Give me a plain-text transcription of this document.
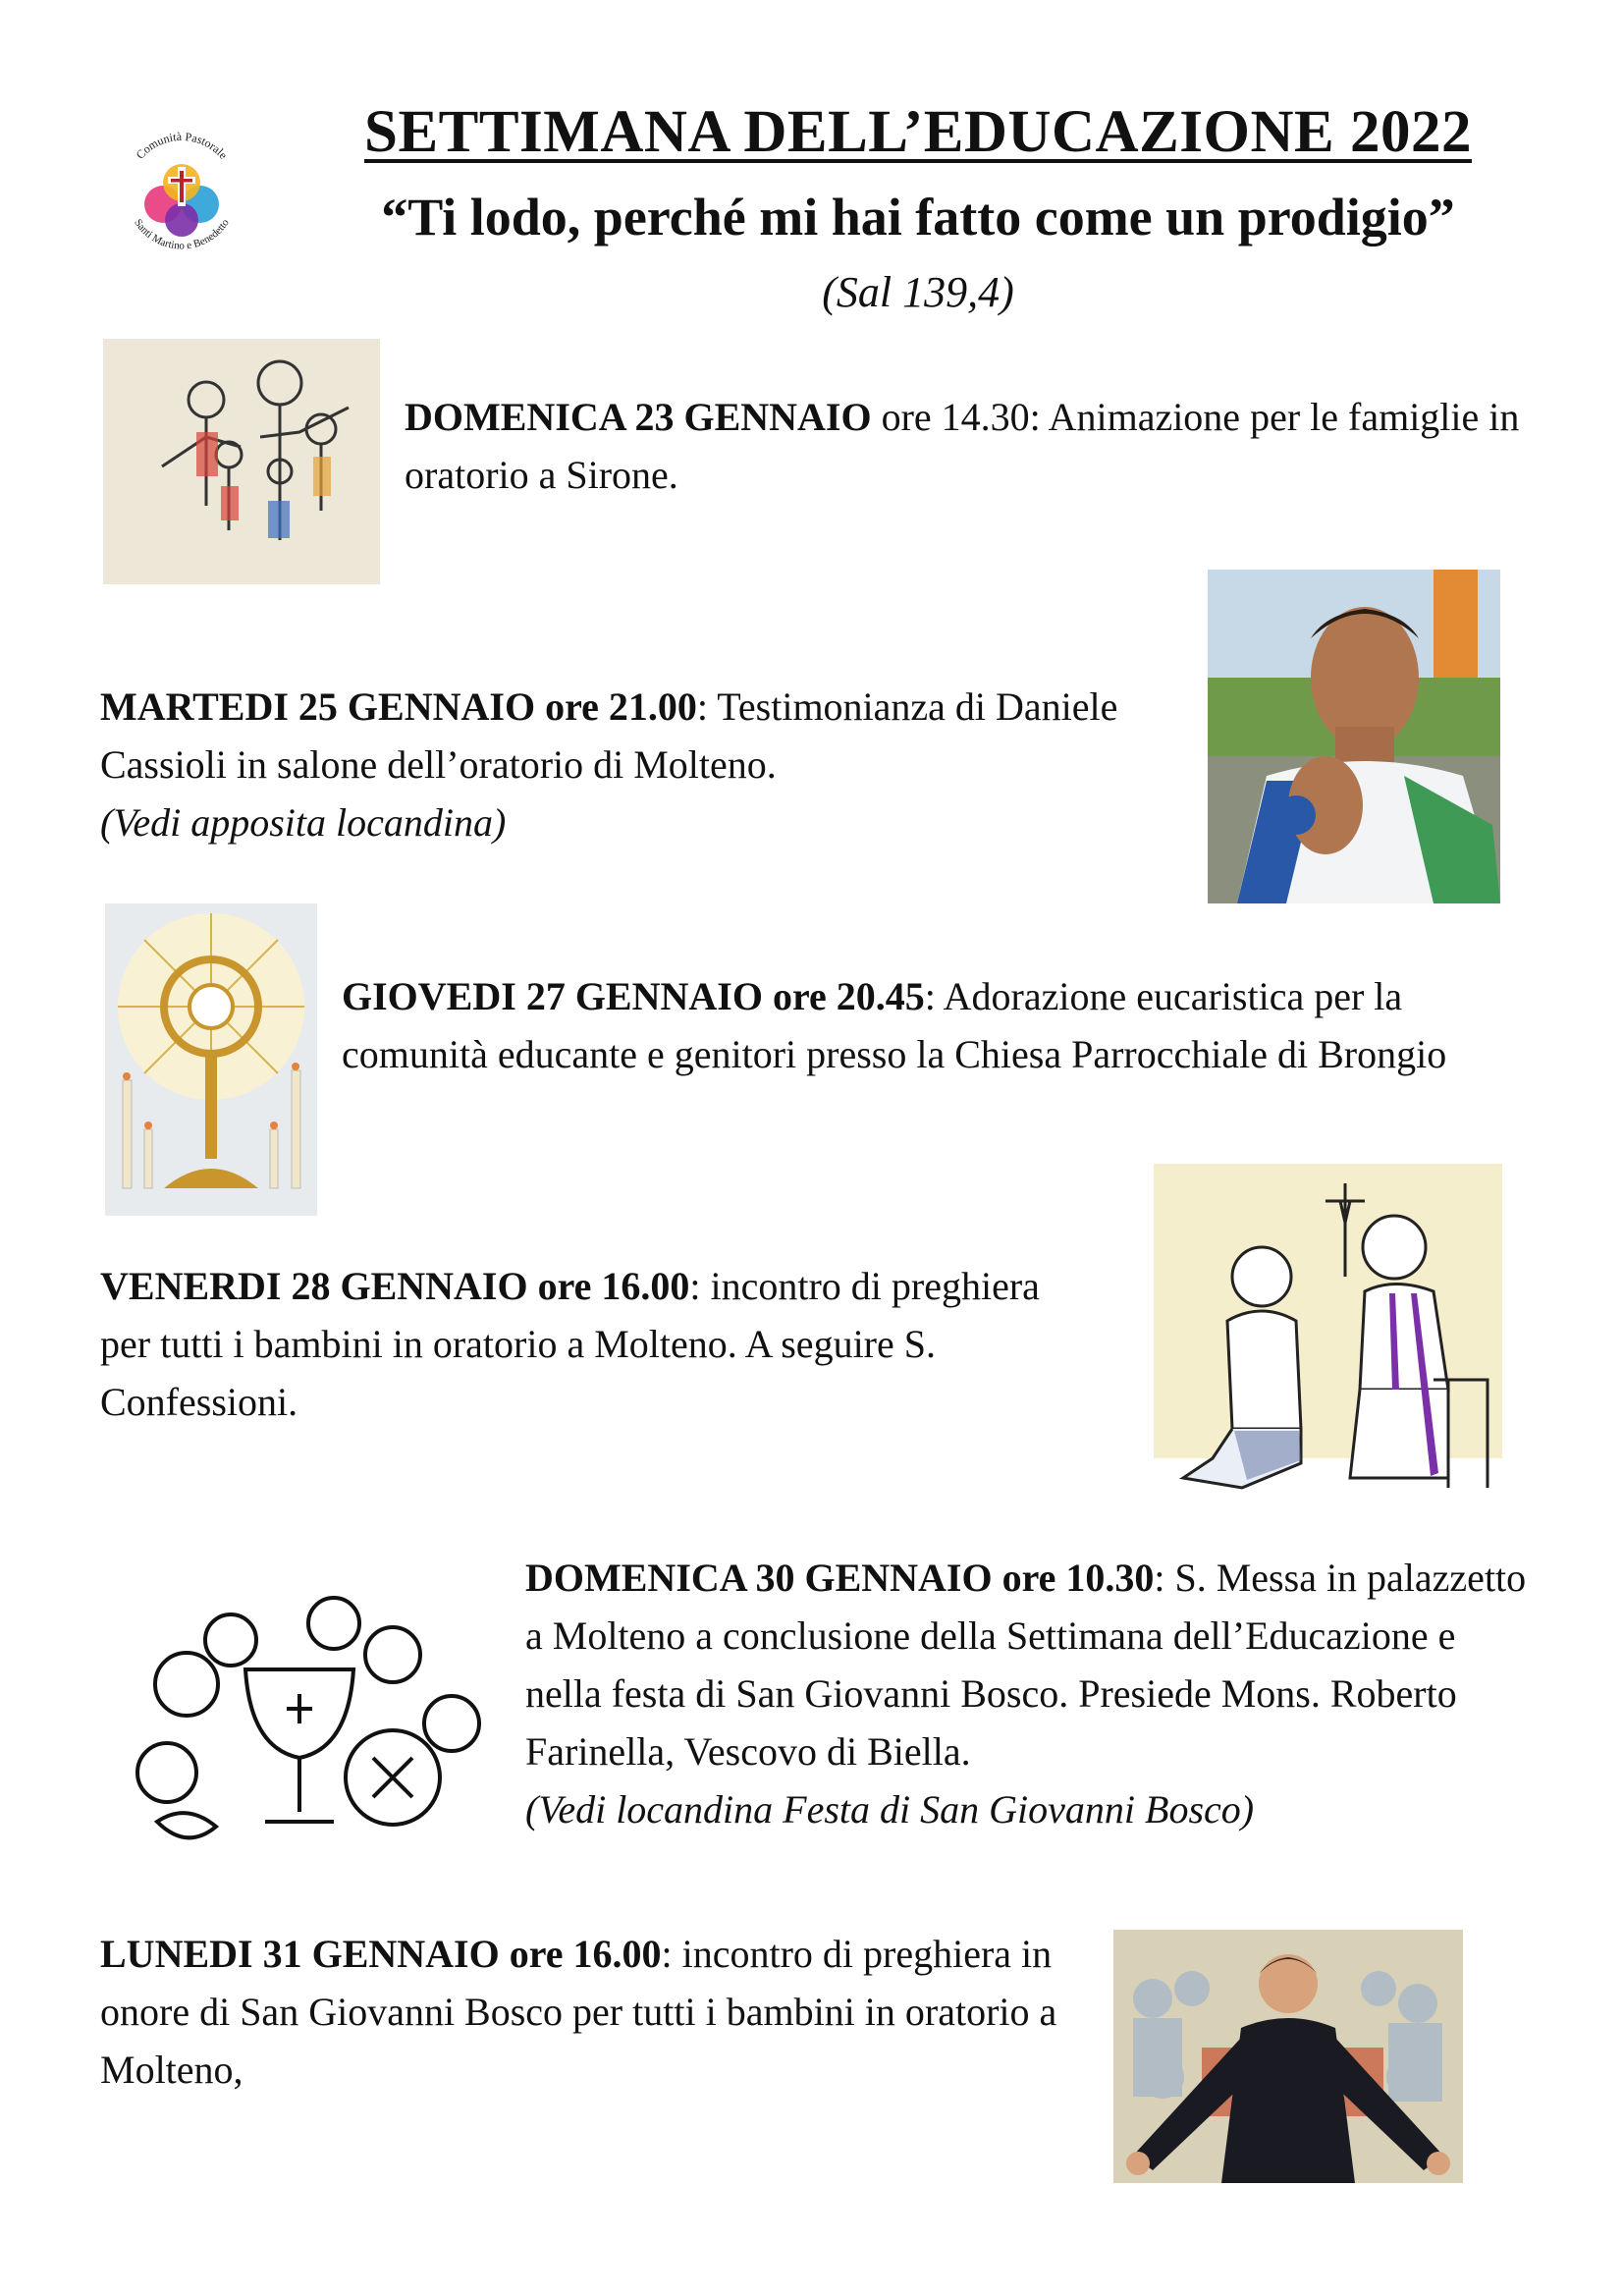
Comunità Pastorale
Santi Martino e Benedetto
SETTIMANA DELL’EDUCAZIONE 2022
“Ti lodo, perché mi hai fatto come un prodigio”
(Sal 139,4)
DOMENICA 23 GENNAIO ore 14.30: Animazione per le famiglie in oratorio a Sirone.
MARTEDI 25 GENNAIO ore 21.00: Testimonianza di Daniele Cassioli in salone dell’oratorio di Molteno.
(Vedi apposita locandina)
GIOVEDI 27 GENNAIO ore 20.45: Adorazione eucaristica per la comunità educante e genitori presso la Chiesa Parrocchiale di Brongio
VENERDI 28 GENNAIO ore 16.00: incontro di preghiera per tutti i bambini in oratorio a Molteno. A seguire S. Confessioni.
DOMENICA 30 GENNAIO ore 10.30: S. Messa in palazzetto a Molteno a conclusione della Settimana dell’Educazione e nella festa di San Giovanni Bosco. Presiede Mons. Roberto Farinella, Vescovo di Biella.
(Vedi locandina Festa di San Giovanni Bosco)
LUNEDI 31 GENNAIO ore 16.00: incontro di preghiera in onore di San Giovanni Bosco per tutti i bambini in oratorio a Molteno,
